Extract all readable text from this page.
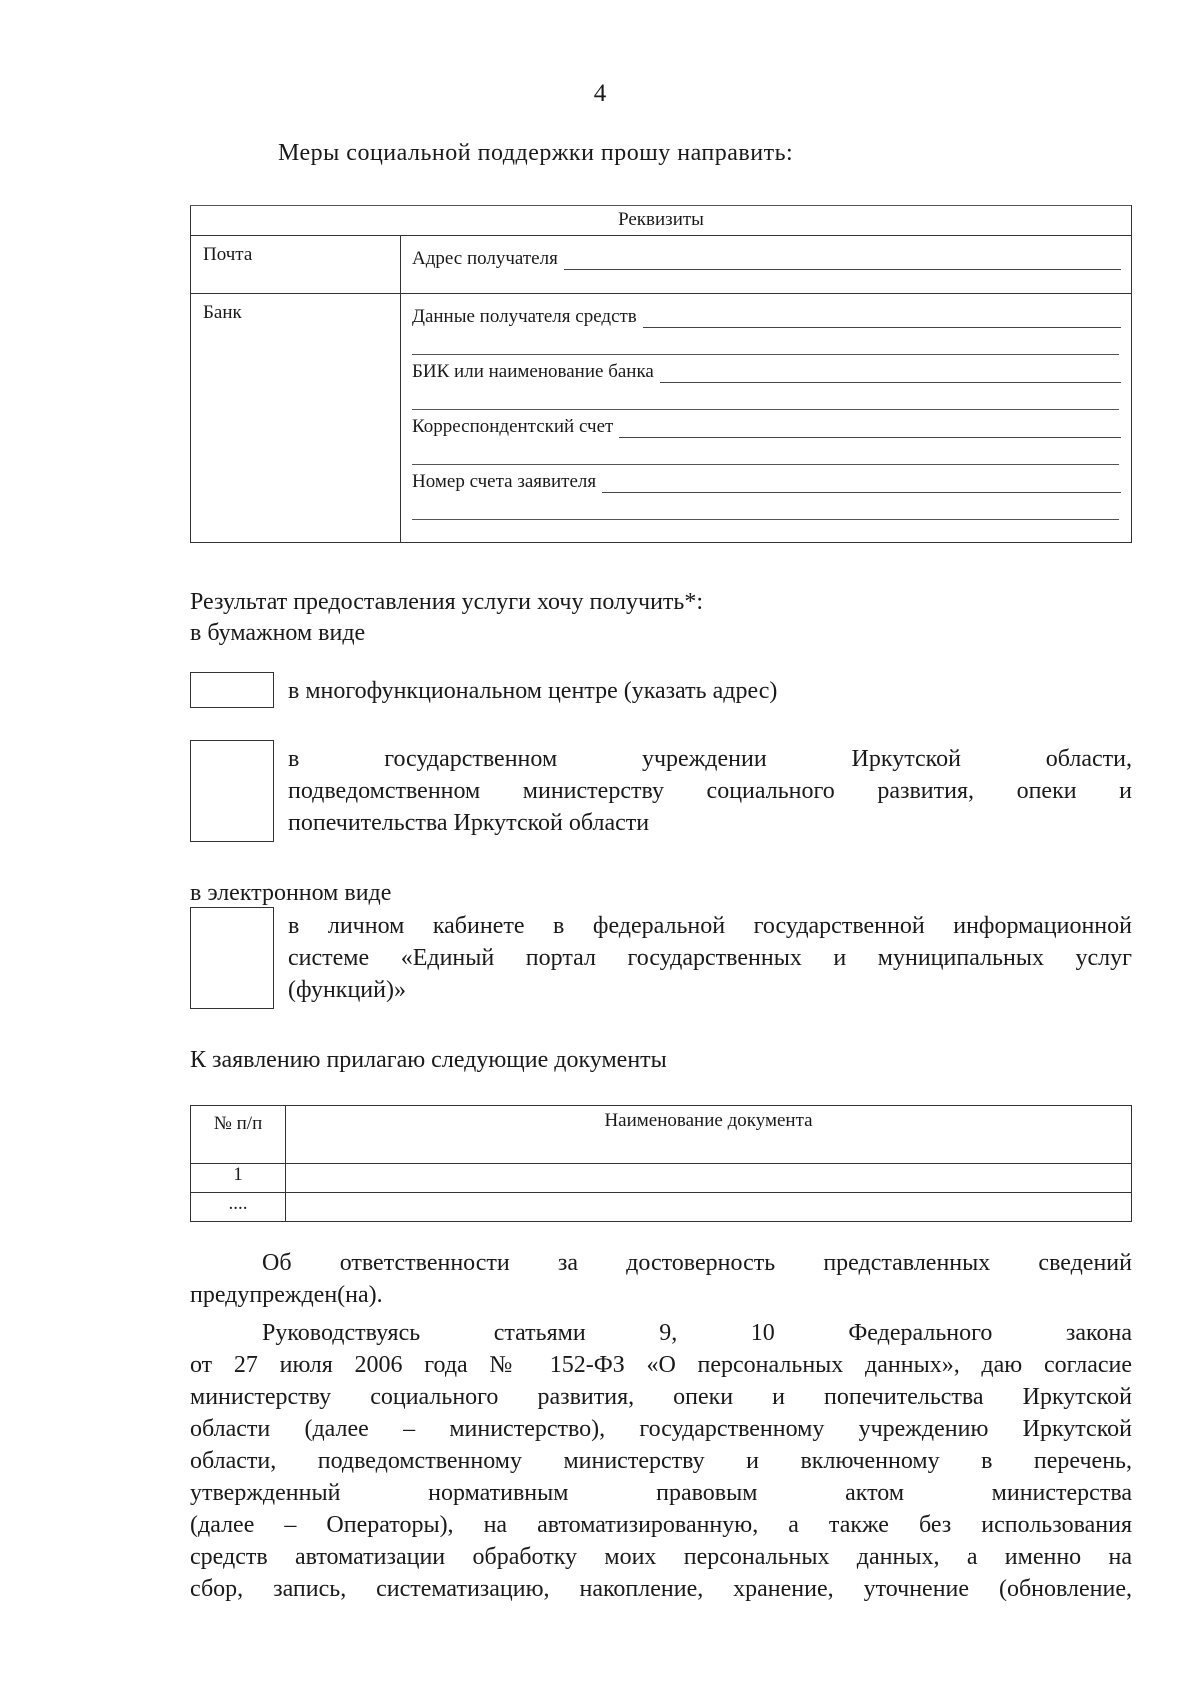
4
Меры социальной поддержки прошу направить:
Реквизиты	
Почта	Адрес получателя

Банк	Данные получателя средств
БИК или наименование банка
Корреспондентский счет
Номер счета заявителя
Результат предоставления услуги хочу получить*:
в бумажном виде
в многофункциональном центре (указать адрес)
в государственном учреждении Иркутской области,
подведомственном министерству социального развития, опеки и
попечительства Иркутской области
в электронном виде
в личном кабинете в федеральной государственной информационной
системе «Единый портал государственных и муниципальных услуг
(функций)»
К заявлению прилагаю следующие документы
№ п/п	Наименование документа
1	
....	
Об ответственности за достоверность представленных сведений
предупрежден(на).
Руководствуясь статьями 9, 10 Федерального закона
от 27 июля 2006 года № 152-ФЗ «О персональных данных», даю согласие
министерству социального развития, опеки и попечительства Иркутской
области (далее – министерство), государственному учреждению Иркутской
области, подведомственному министерству и включенному в перечень,
утвержденный нормативным правовым актом министерства
(далее – Операторы), на автоматизированную, а также без использования
средств автоматизации обработку моих персональных данных, а именно на
сбор, запись, систематизацию, накопление, хранение, уточнение (обновление,
